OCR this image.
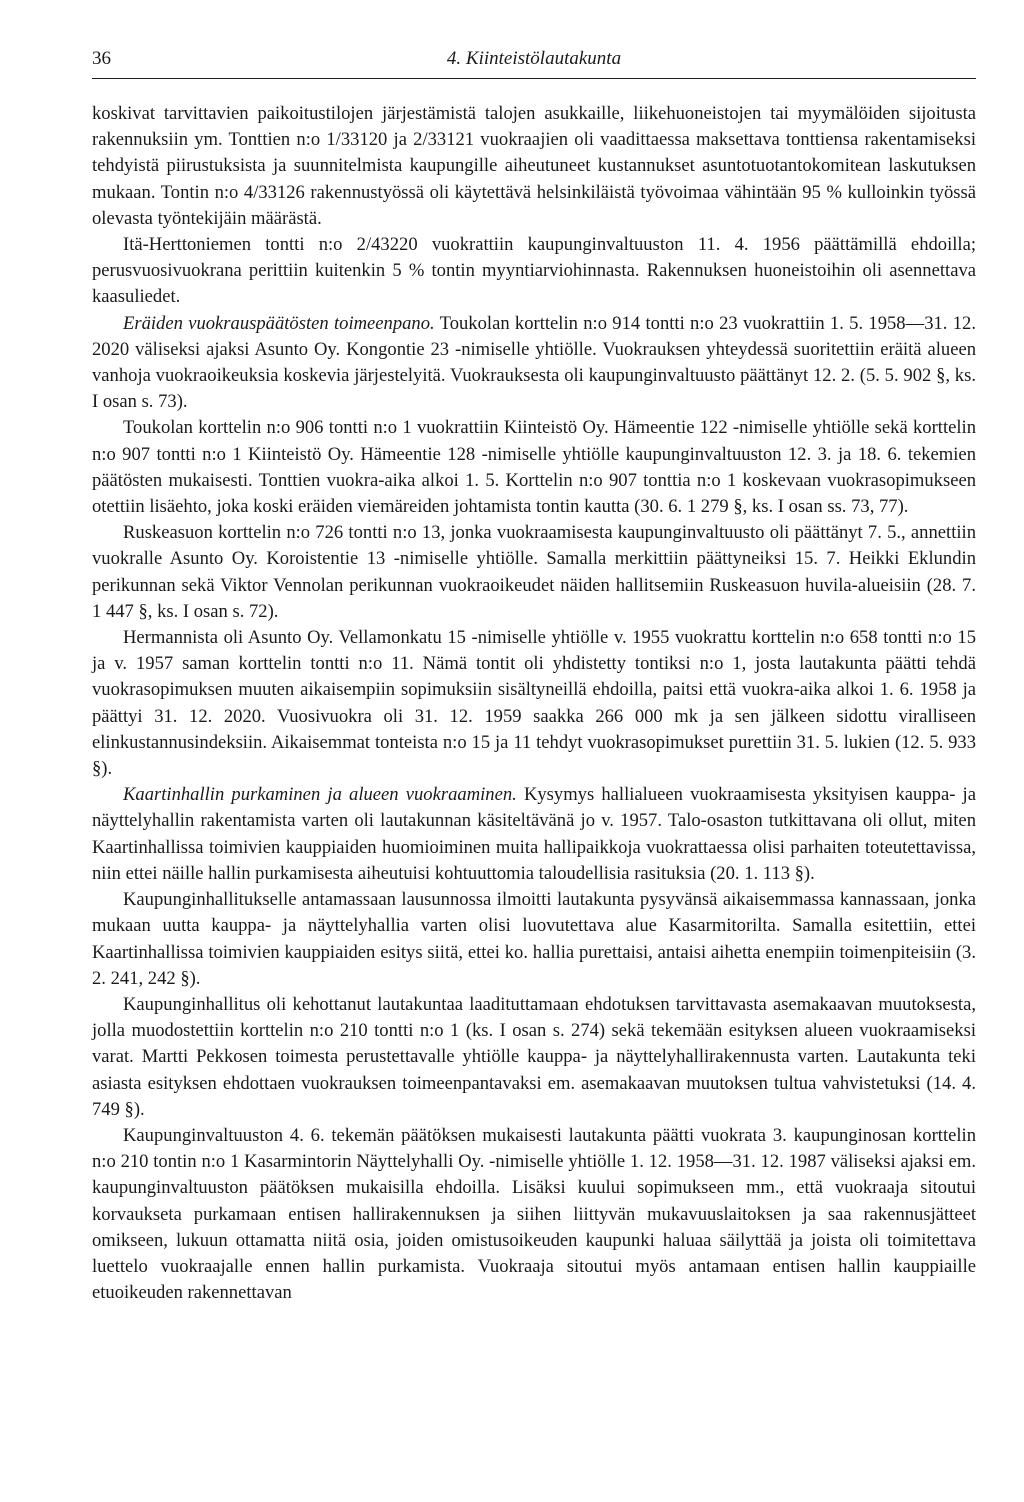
36	4. Kiinteistölautakunta

koskivat tarvittavien paikoitustilojen järjestämistä talojen asukkaille, liikehuoneistojen tai myymälöiden sijoitusta rakennuksiin ym. Tonttien n:o 1/33120 ja 2/33121 vuokraajien oli vaadittaessa maksettava tonttiensa rakentamiseksi tehdyistä piirustuksista ja suunnitelmista kaupungille aiheutuneet kustannukset asuntotuotantokomitean laskutuksen mukaan. Tontin n:o 4/33126 rakennustyössä oli käytettävä helsinkiläistä työvoimaa vähintään 95 % kulloinkin työssä olevasta työntekijäin määrästä.

Itä-Herttoniemen tontti n:o 2/43220 vuokrattiin kaupunginvaltuuston 11. 4. 1956 päättämillä ehdoilla; perusvuosivuokrana perittiin kuitenkin 5 % tontin myyntiarviohinnasta. Rakennuksen huoneistoihin oli asennettava kaasuliedet.

Eräiden vuokrauspäätösten toimeenpano. Toukolan korttelin n:o 914 tontti n:o 23 vuokrattiin 1. 5. 1958—31. 12. 2020 väliseksi ajaksi Asunto Oy. Kongontie 23 -nimiselle yhtiölle. Vuokrauksen yhteydessä suoritettiin eräitä alueen vanhoja vuokraoikeuksia koskevia järjestelyitä. Vuokrauksesta oli kaupunginvaltuusto päättänyt 12. 2. (5. 5. 902 §, ks. I osan s. 73).

Toukolan korttelin n:o 906 tontti n:o 1 vuokrattiin Kiinteistö Oy. Hämeentie 122 -nimiselle yhtiölle sekä korttelin n:o 907 tontti n:o 1 Kiinteistö Oy. Hämeentie 128 -nimiselle yhtiölle kaupunginvaltuuston 12. 3. ja 18. 6. tekemien päätösten mukaisesti. Tonttien vuokra-aika alkoi 1. 5. Korttelin n:o 907 tonttia n:o 1 koskevaan vuokrasopimukseen otettiin lisäehto, joka koski eräiden viemäreiden johtamista tontin kautta (30. 6. 1 279 §, ks. I osan ss. 73, 77).

Ruskeasuon korttelin n:o 726 tontti n:o 13, jonka vuokraamisesta kaupunginvaltuusto oli päättänyt 7. 5., annettiin vuokralle Asunto Oy. Koroistentie 13 -nimiselle yhtiölle. Samalla merkittiin päättyneiksi 15. 7. Heikki Eklundin perikunnan sekä Viktor Vennolan perikunnan vuokraoikeudet näiden hallitsemiin Ruskeasuon huvila-alueisiin (28. 7. 1 447 §, ks. I osan s. 72).

Hermannista oli Asunto Oy. Vellamonkatu 15 -nimiselle yhtiölle v. 1955 vuokrattu korttelin n:o 658 tontti n:o 15 ja v. 1957 saman korttelin tontti n:o 11. Nämä tontit oli yhdistetty tontiksi n:o 1, josta lautakunta päätti tehdä vuokrasopimuksen muuten aikaisempiin sopimuksiin sisältyneillä ehdoilla, paitsi että vuokra-aika alkoi 1. 6. 1958 ja päättyi 31. 12. 2020. Vuosivuokra oli 31. 12. 1959 saakka 266 000 mk ja sen jälkeen sidottu viralliseen elinkustannusindeksiin. Aikaisemmat tonteista n:o 15 ja 11 tehdyt vuokrasopimukset purettiin 31. 5. lukien (12. 5. 933 §).

Kaartinhallin purkaminen ja alueen vuokraaminen. Kysymys hallialueen vuokraamisesta yksityisen kauppa- ja näyttelyhallin rakentamista varten oli lautakunnan käsiteltävänä jo v. 1957. Talo-osaston tutkittavana oli ollut, miten Kaartinhallissa toimivien kauppiaiden huomioiminen muita hallipaikkoja vuokrattaessa olisi parhaiten toteutettavissa, niin ettei näille hallin purkamisesta aiheutuisi kohtuuttomia taloudellisia rasituksia (20. 1. 113 §).

Kaupunginhallitukselle antamassaan lausunnossa ilmoitti lautakunta pysyvänsä aikaisemmassa kannassaan, jonka mukaan uutta kauppa- ja näyttelyhallia varten olisi luovutettava alue Kasarmitorilta. Samalla esitettiin, ettei Kaartinhallissa toimivien kauppiaiden esitys siitä, ettei ko. hallia purettaisi, antaisi aihetta enempiin toimenpiteisiin (3. 2. 241, 242 §).

Kaupunginhallitus oli kehottanut lautakuntaa laadituttamaan ehdotuksen tarvittavasta asemakaavan muutoksesta, jolla muodostettiin korttelin n:o 210 tontti n:o 1 (ks. I osan s. 274) sekä tekemään esityksen alueen vuokraamiseksi varat. Martti Pekkosen toimesta perustettavalle yhtiölle kauppa- ja näyttelyhallirakennusta varten. Lautakunta teki asiasta esityksen ehdottaen vuokrauksen toimeenpantavaksi em. asemakaavan muutoksen tultua vahvistetuksi (14. 4. 749 §).

Kaupunginvaltuuston 4. 6. tekemän päätöksen mukaisesti lautakunta päätti vuokrata 3. kaupunginosan korttelin n:o 210 tontin n:o 1 Kasarmintorin Näyttelyhalli Oy. -nimiselle yhtiölle 1. 12. 1958—31. 12. 1987 väliseksi ajaksi em. kaupunginvaltuuston päätöksen mukaisilla ehdoilla. Lisäksi kuului sopimukseen mm., että vuokraaja sitoutui korvaukseta purkamaan entisen hallirakennuksen ja siihen liittyvän mukavuuslaitoksen ja saa rakennusjätteet omikseen, lukuun ottamatta niitä osia, joiden omistusoikeuden kaupunki haluaa säilyttää ja joista oli toimitettava luettelo vuokraajalle ennen hallin purkamista. Vuokraaja sitoutui myös antamaan entisen hallin kauppiaille etuoikeuden rakennettavan
